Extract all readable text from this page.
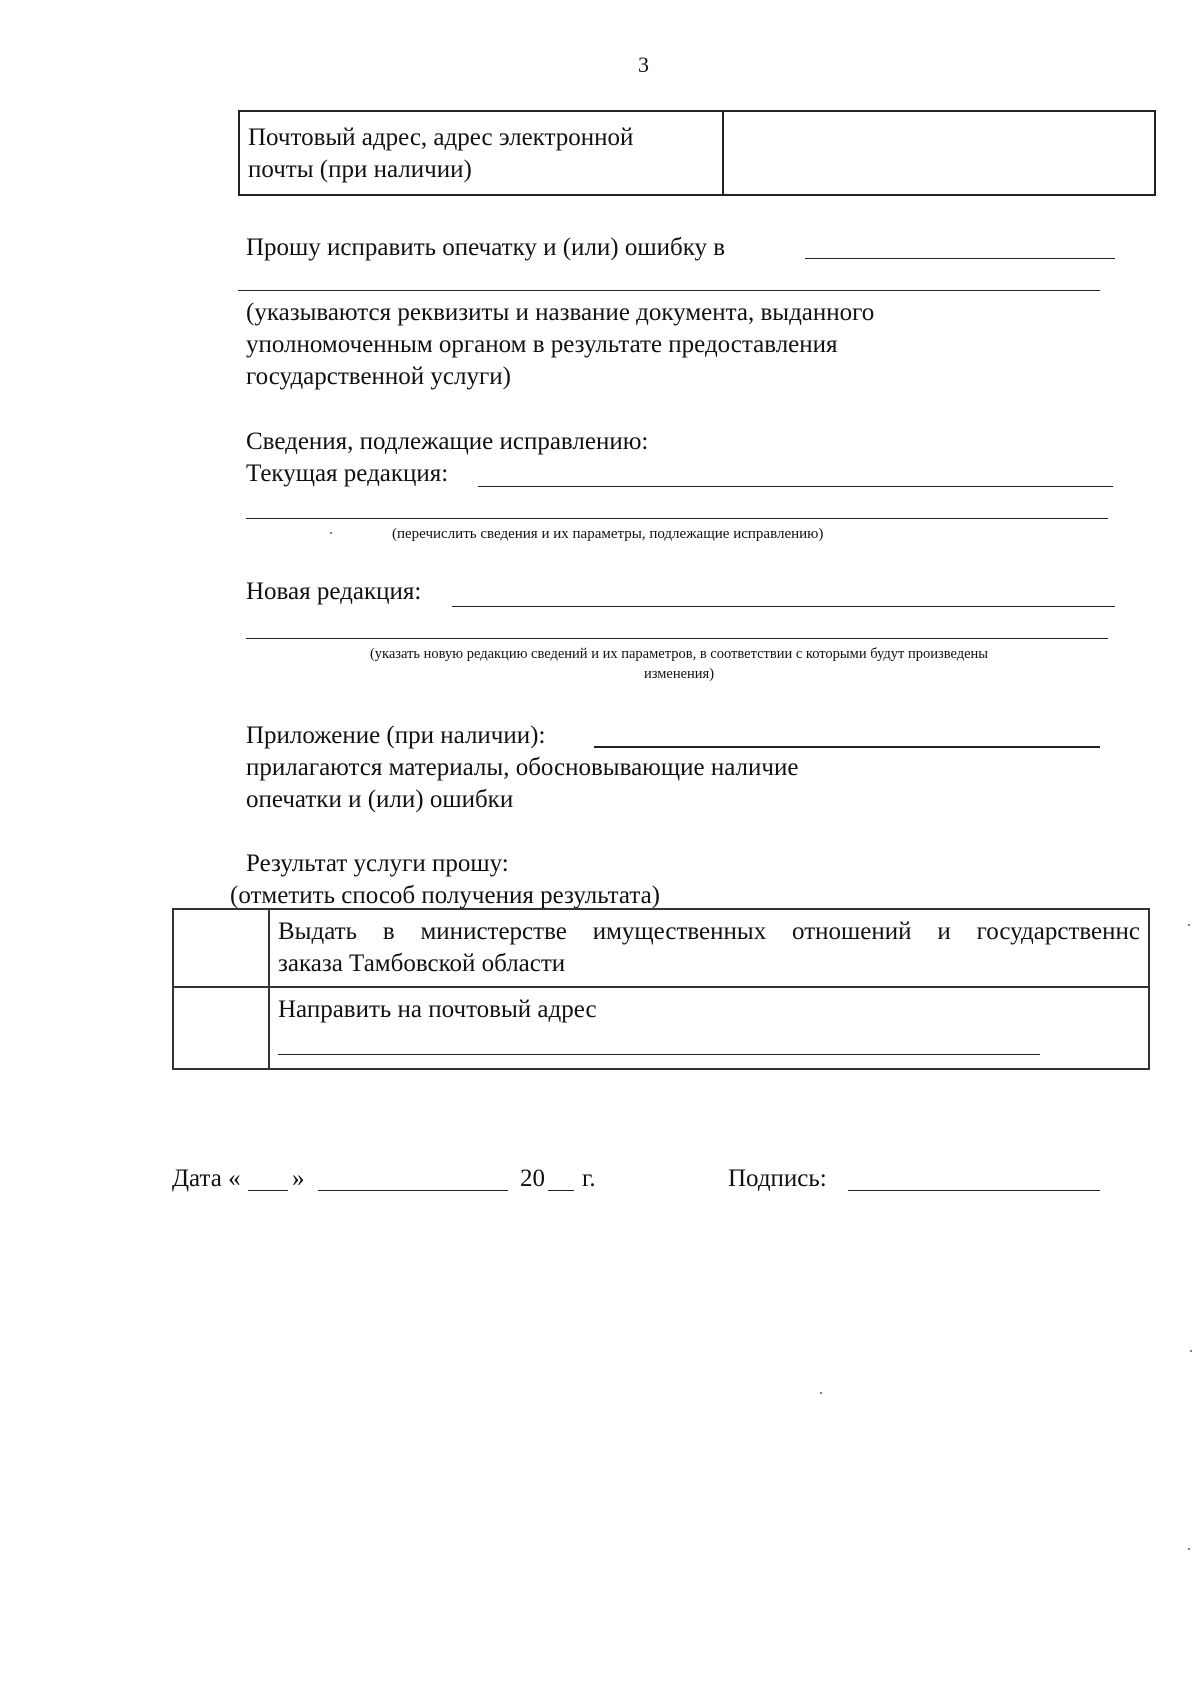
3
Почтовый адрес, адрес электронной
почты (при наличии)
Прошу исправить опечатку и (или) ошибку в
(указываются реквизиты и название документа, выданного
уполномоченным органом в результате предоставления
государственной услуги)
Сведения, подлежащие исправлению:
Текущая редакция:
(перечислить сведения и их параметры, подлежащие исправлению)
Новая редакция:
(указать новую редакцию сведений и их параметров, в соответствии с которыми будут произведены
изменения)
Приложение (при наличии):
прилагаются материалы, обосновывающие наличие
опечатки и (или) ошибки
Результат услуги прошу:
(отметить способ получения результата)
Выдать в министерстве имущественных отношений и государственнс
заказа Тамбовской области
Направить на почтовый адрес
Дата « »	20 г.	Подпись:
